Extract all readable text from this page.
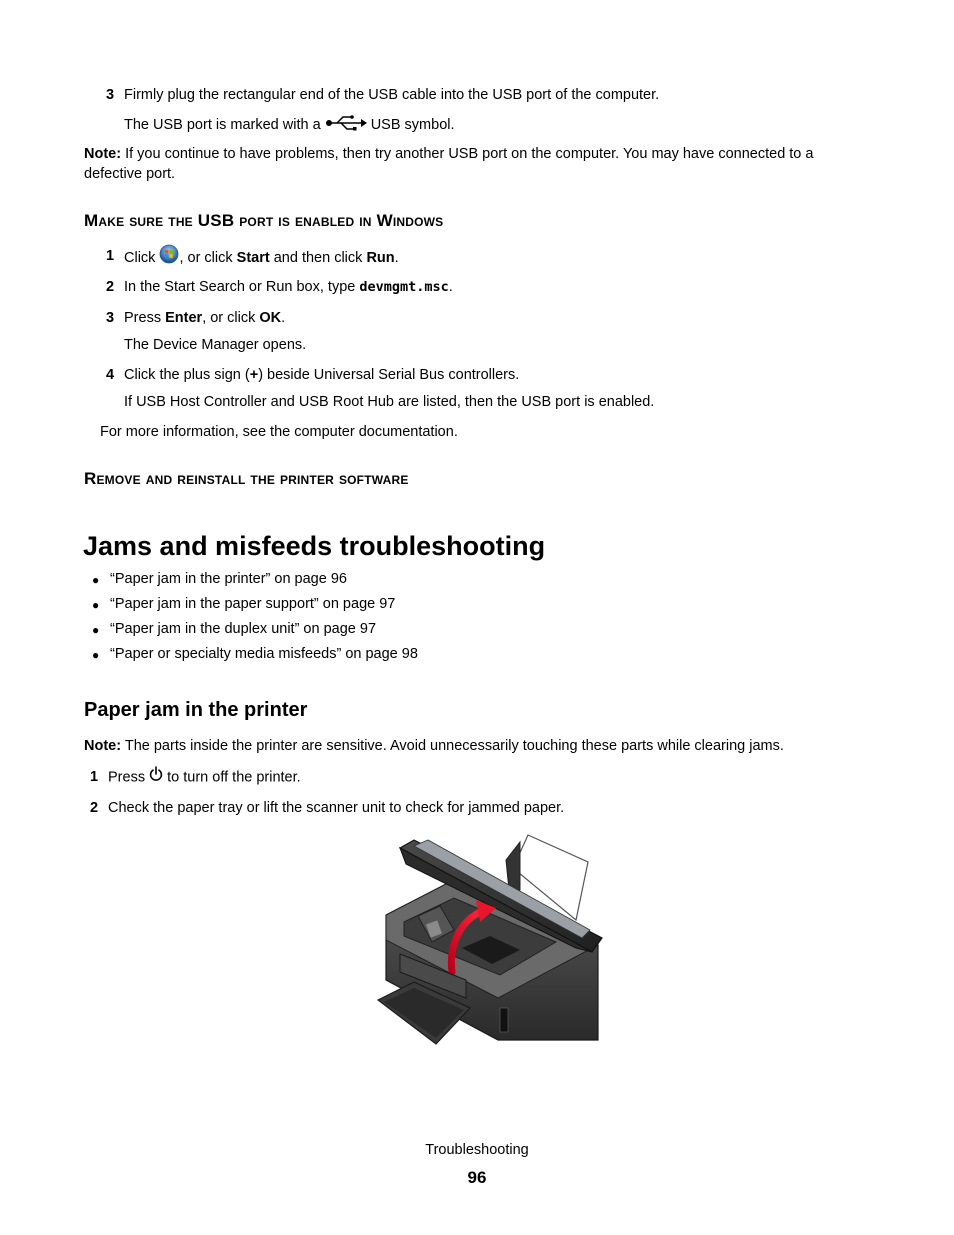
3 Firmly plug the rectangular end of the USB cable into the USB port of the computer.
The USB port is marked with a	USB symbol.
Note: If you continue to have problems, then try another USB port on the computer. You may have connected to a
defective port.
Make sure the USB port is enabled in Windows
1 Click , or click Start and then click Run.
2 In the Start Search or Run box, type devmgmt.msc.
3 Press Enter, or click OK.
The Device Manager opens.
4 Click the plus sign (+) beside Universal Serial Bus controllers.
If USB Host Controller and USB Root Hub are listed, then the USB port is enabled.
For more information, see the computer documentation.
Remove and reinstall the printer software
Jams and misfeeds troubleshooting
● “Paper jam in the printer” on page 96
● “Paper jam in the paper support” on page 97
● “Paper jam in the duplex unit” on page 97
● “Paper or specialty media misfeeds” on page 98
Paper jam in the printer
Note: The parts inside the printer are sensitive. Avoid unnecessarily touching these parts while clearing jams.
1 Press to turn off the printer.
2 Check the paper tray or lift the scanner unit to check for jammed paper.
Troubleshooting
96
